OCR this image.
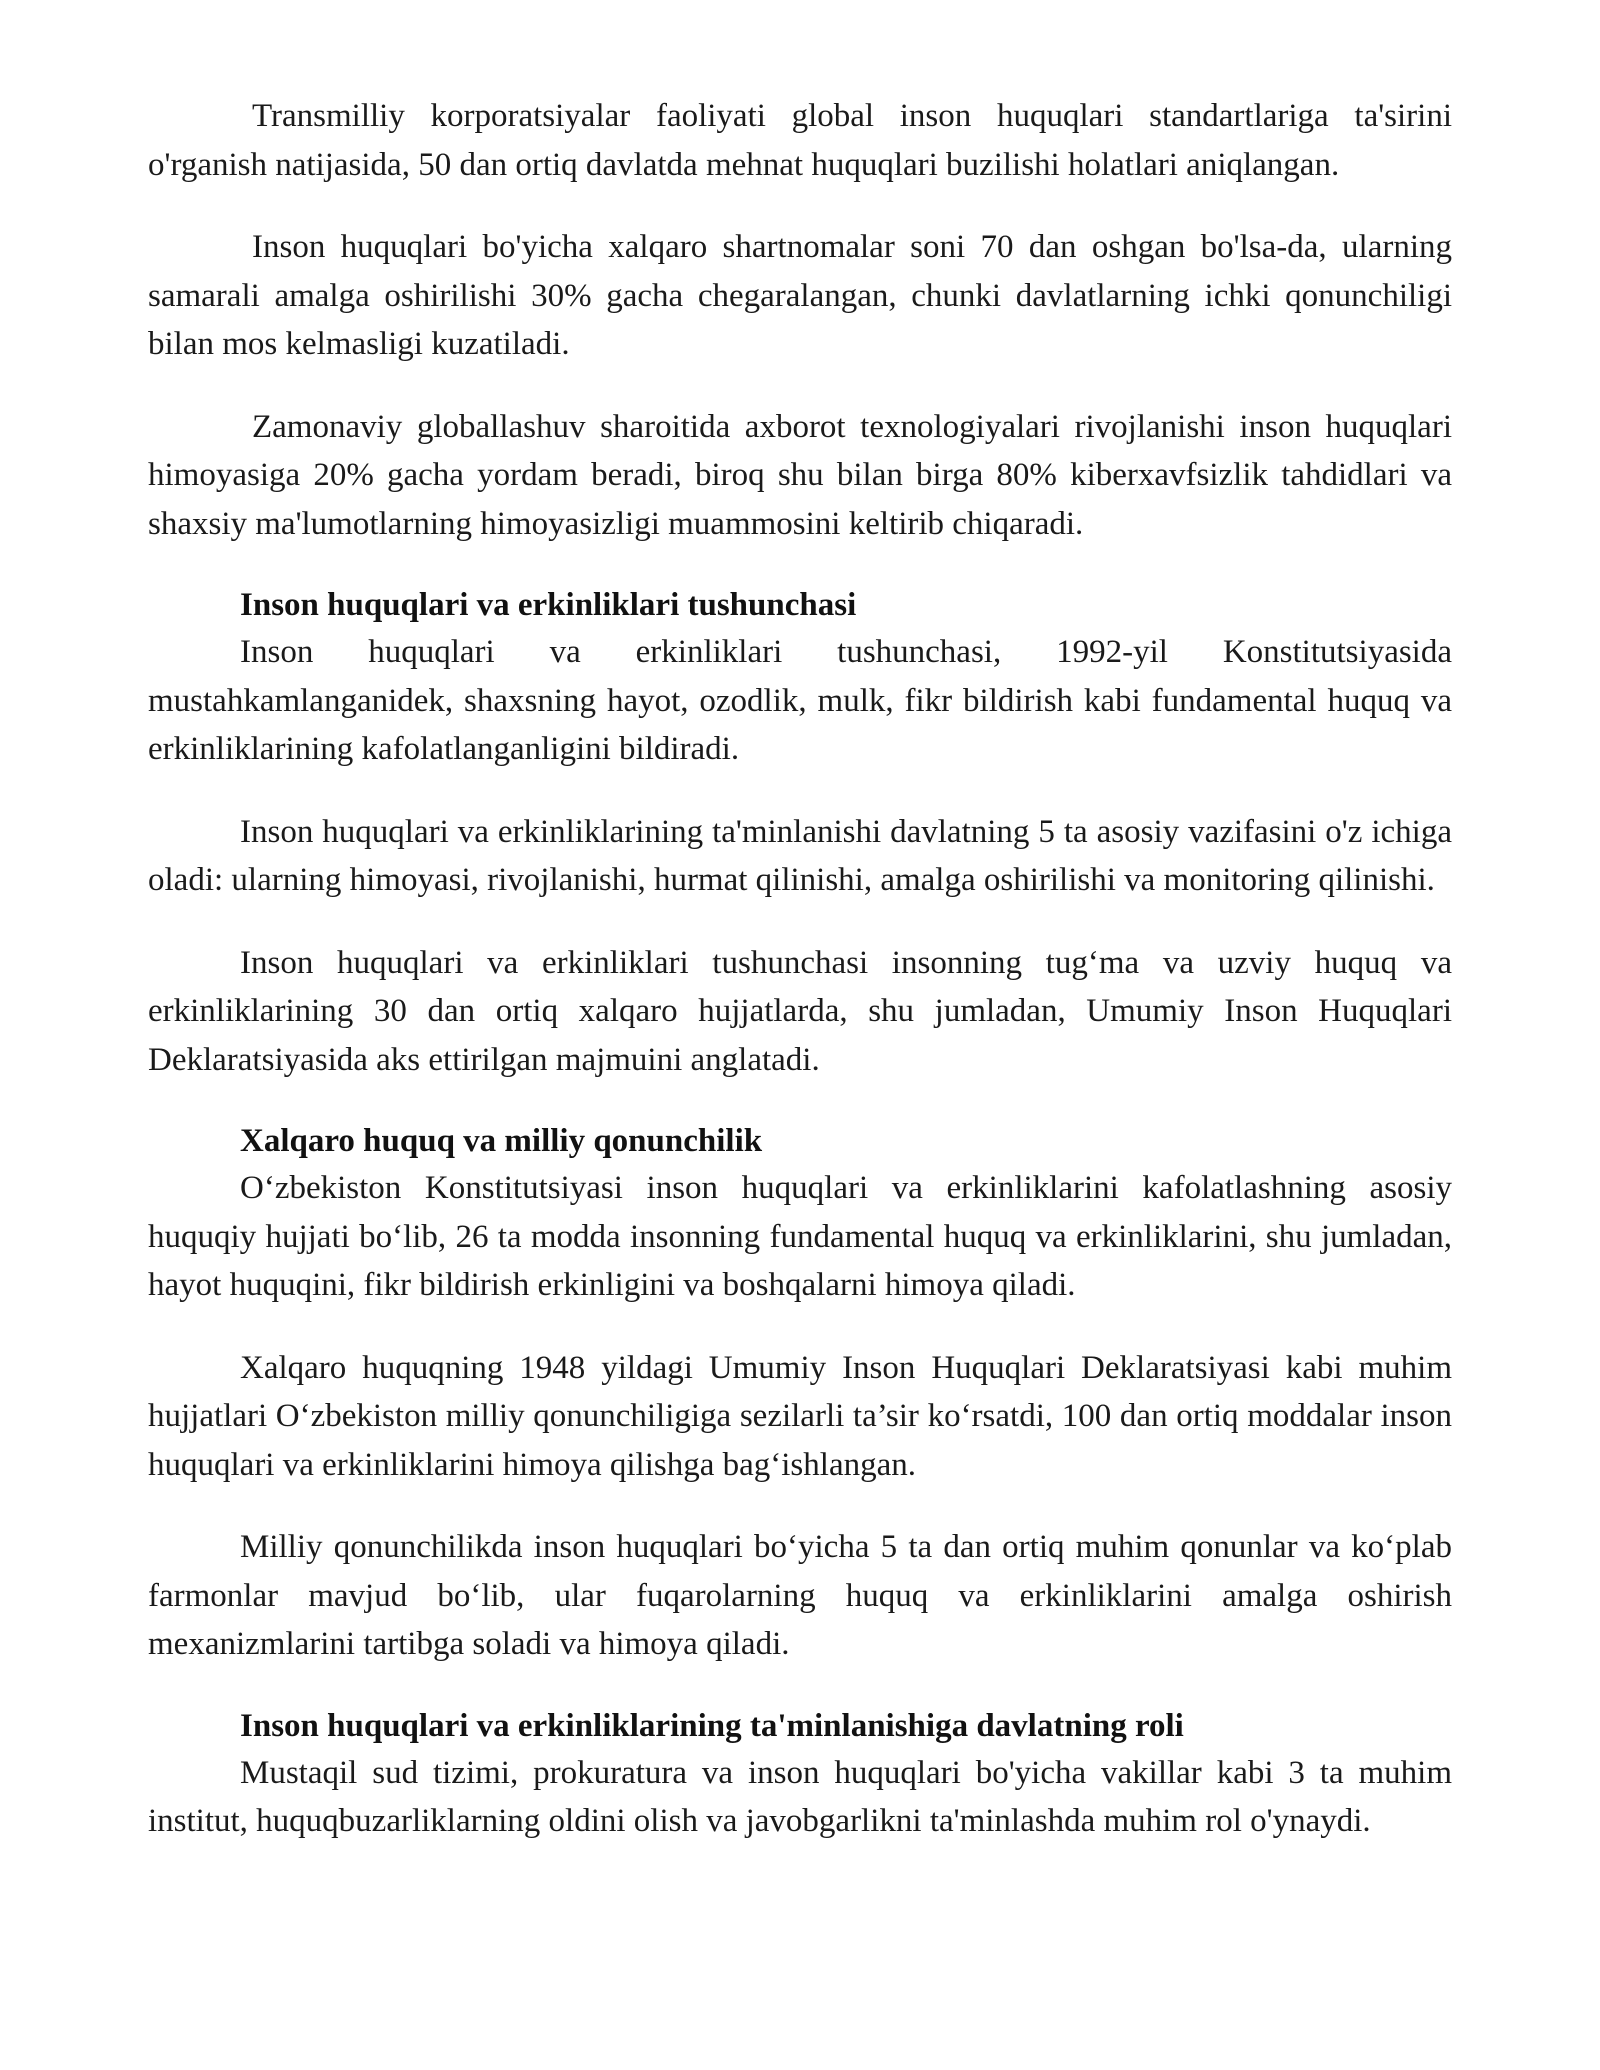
Transmilliy korporatsiyalar faoliyati global inson huquqlari standartlariga ta'sirini o'rganish natijasida, 50 dan ortiq davlatda mehnat huquqlari buzilishi holatlari aniqlangan.

Inson huquqlari bo'yicha xalqaro shartnomalar soni 70 dan oshgan bo'lsa-da, ularning samarali amalga oshirilishi 30% gacha chegaralangan, chunki davlatlarning ichki qonunchiligi bilan mos kelmasligi kuzatiladi.

Zamonaviy globallashuv sharoitida axborot texnologiyalari rivojlanishi inson huquqlari himoyasiga 20% gacha yordam beradi, biroq shu bilan birga 80% kiberxavfsizlik tahdidlari va shaxsiy ma'lumotlarning himoyasizligi muammosini keltirib chiqaradi.

Inson huquqlari va erkinliklari tushunchasi

Inson huquqlari va erkinliklari tushunchasi, 1992-yil Konstitutsiyasida mustahkamlanganidek, shaxsning hayot, ozodlik, mulk, fikr bildirish kabi fundamental huquq va erkinliklarining kafolatlanganligini bildiradi.

Inson huquqlari va erkinliklarining ta'minlanishi davlatning 5 ta asosiy vazifasini o'z ichiga oladi: ularning himoyasi, rivojlanishi, hurmat qilinishi, amalga oshirilishi va monitoring qilinishi.

Inson huquqlari va erkinliklari tushunchasi insonning tug‘ma va uzviy huquq va erkinliklarining 30 dan ortiq xalqaro hujjatlarda, shu jumladan, Umumiy Inson Huquqlari Deklaratsiyasida aks ettirilgan majmuini anglatadi.

Xalqaro huquq va milliy qonunchilik

O‘zbekiston Konstitutsiyasi inson huquqlari va erkinliklarini kafolatlashning asosiy huquqiy hujjati bo‘lib, 26 ta modda insonning fundamental huquq va erkinliklarini, shu jumladan, hayot huquqini, fikr bildirish erkinligini va boshqalarni himoya qiladi.

Xalqaro huquqning 1948 yildagi Umumiy Inson Huquqlari Deklaratsiyasi kabi muhim hujjatlari O‘zbekiston milliy qonunchiligiga sezilarli ta’sir ko‘rsatdi, 100 dan ortiq moddalar inson huquqlari va erkinliklarini himoya qilishga bag‘ishlangan.

Milliy qonunchilikda inson huquqlari bo‘yicha 5 ta dan ortiq muhim qonunlar va ko‘plab farmonlar mavjud bo‘lib, ular fuqarolarning huquq va erkinliklarini amalga oshirish mexanizmlarini tartibga soladi va himoya qiladi.

Inson huquqlari va erkinliklarining ta'minlanishiga davlatning roli

Mustaqil sud tizimi, prokuratura va inson huquqlari bo'yicha vakillar kabi 3 ta muhim institut, huquqbuzarliklarning oldini olish va javobgarlikni ta'minlashda muhim rol o'ynaydi.
